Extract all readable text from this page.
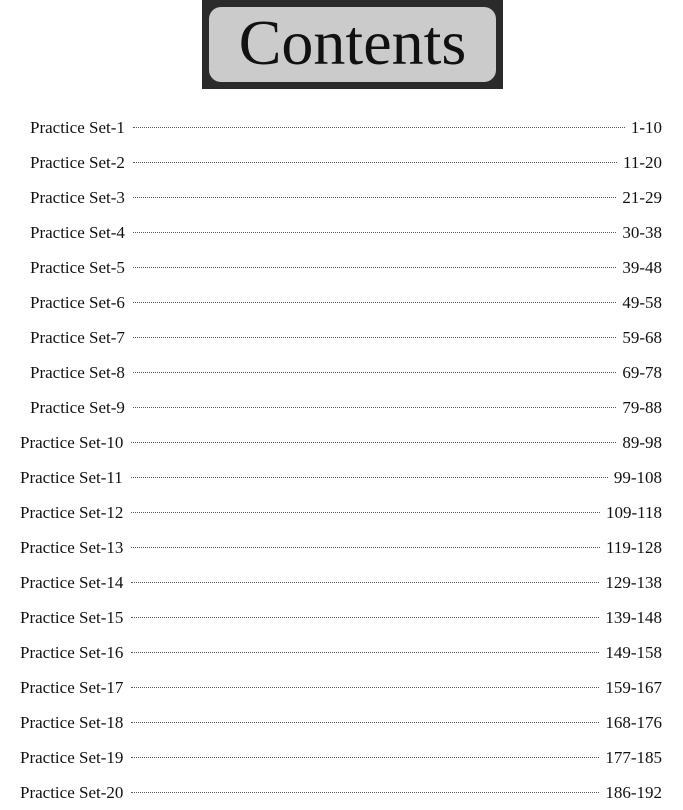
Contents
Practice Set-1	1-10
Practice Set-2	11-20
Practice Set-3	21-29
Practice Set-4	30-38
Practice Set-5	39-48
Practice Set-6	49-58
Practice Set-7	59-68
Practice Set-8	69-78
Practice Set-9	79-88
Practice Set-10	89-98
Practice Set-11	99-108
Practice Set-12	109-118
Practice Set-13	119-128
Practice Set-14	129-138
Practice Set-15	139-148
Practice Set-16	149-158
Practice Set-17	159-167
Practice Set-18	168-176
Practice Set-19	177-185
Practice Set-20	186-192
